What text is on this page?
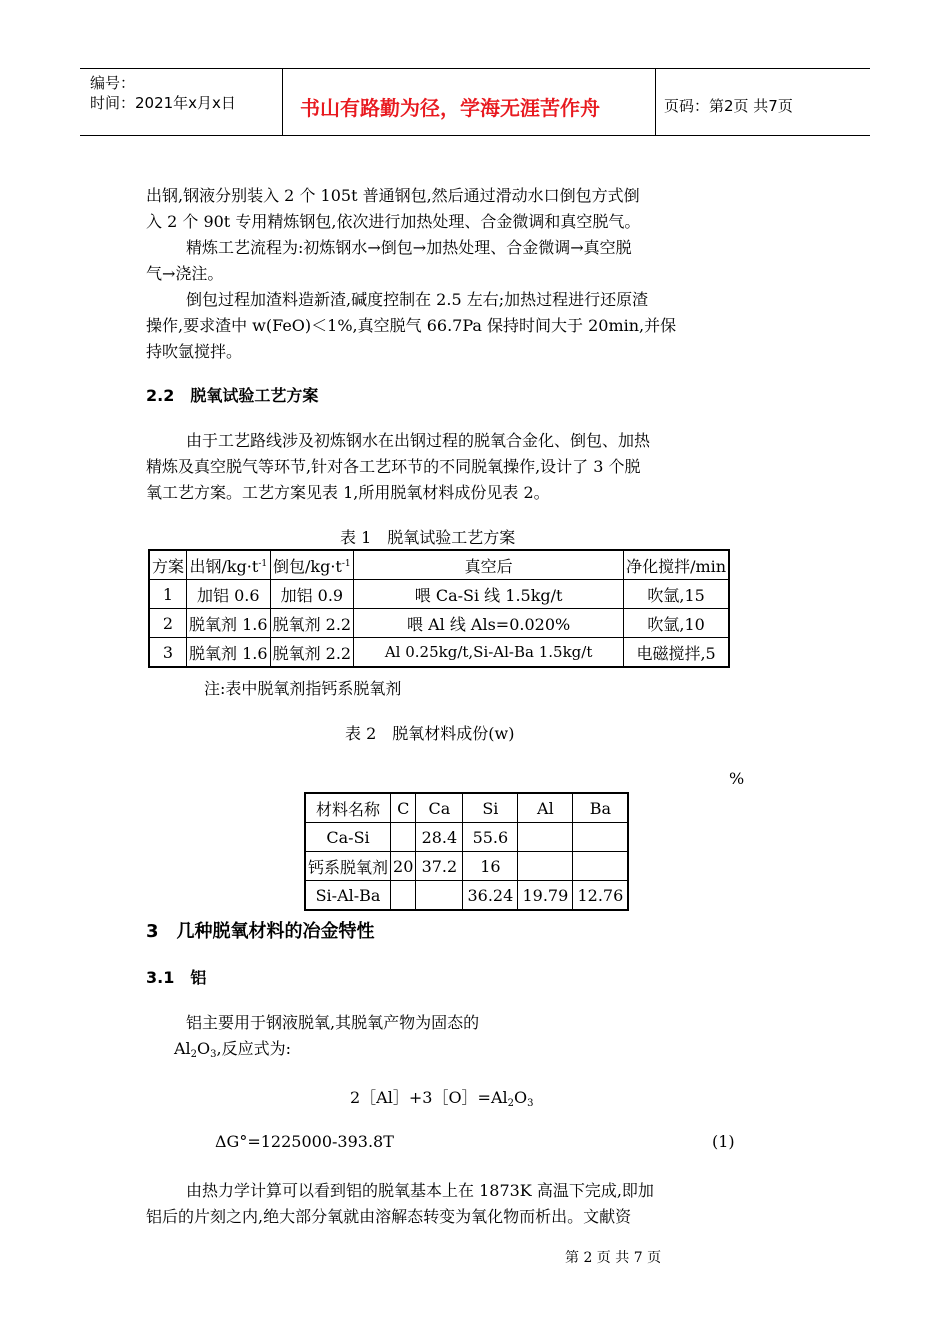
编号：
时间：2021年x月x日	书山有路勤为径，学海无涯苦作舟	页码：第2页 共7页
出钢,钢液分别装入 2 个 105t 普通钢包,然后通过滑动水口倒包方式倒
入 2 个 90t 专用精炼钢包,依次进行加热处理、合金微调和真空脱气。
精炼工艺流程为:初炼钢水→倒包→加热处理、合金微调→真空脱
气→浇注。
倒包过程加渣料造新渣,碱度控制在 2.5 左右;加热过程进行还原渣
操作,要求渣中 w(FeO)＜1%,真空脱气 66.7Pa 保持时间大于 20min,并保
持吹氩搅拌。
2.2　脱氧试验工艺方案
由于工艺路线涉及初炼钢水在出钢过程的脱氧合金化、倒包、加热
精炼及真空脱气等环节,针对各工艺环节的不同脱氧操作,设计了 3 个脱
氧工艺方案。工艺方案见表 1,所用脱氧材料成份见表 2。
表 1　脱氧试验工艺方案
方案	出钢$/kg\cdot t^{-1}$	倒包$/kg\cdot t^{-1}$	真空后	净化搅拌/min
1	加铝 0.6	加铝 0.9	喂 Ca-Si 线 1.5kg/t	吹氩,15
2	脱氧剂 1.6	脱氧剂 2.2	喂 Al 线 Als=0.020%	吹氩,10
3	脱氧剂 1.6	脱氧剂 2.2	Al 0.25kg/t,Si-Al-Ba 1.5kg/t	电磁搅拌,5
注:表中脱氧剂指钙系脱氧剂
表 2　脱氧材料成份(w)
%
材料名称	C	Ca	Si	Al	Ba
Ca-Si		28.4	55.6		
钙系脱氧剂	20	37.2	16		
Si-Al-Ba			36.24	19.79	12.76
3　几种脱氧材料的冶金特性
3.1　铝
铝主要用于钢液脱氧,其脱氧产物为固态的
$Al_2O_3$,反应式为:
$2[Al]+3[O]=Al_2O_3$
ΔG°=1225000-393.8T	(1)
由热力学计算可以看到铝的脱氧基本上在 1873K 高温下完成,即加
铝后的片刻之内,绝大部分氧就由溶解态转变为氧化物而析出。文献资
第 2 页 共 7 页
